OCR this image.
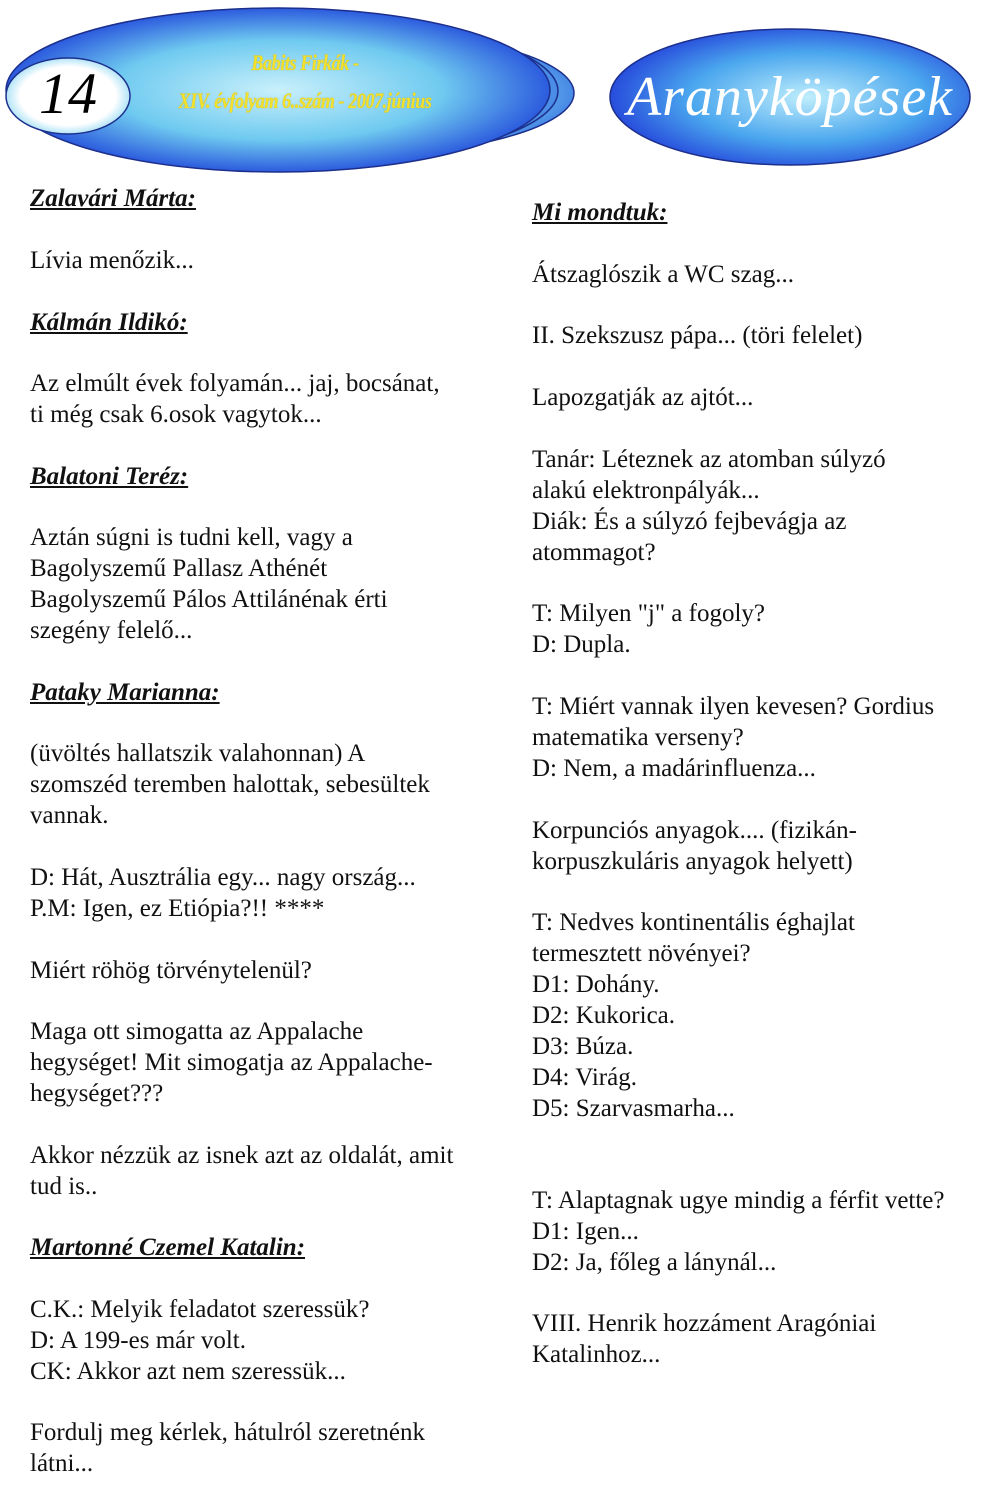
14	Babits Firkák -
XIV. évfolyam 6..szám - 2007.június	Aranyköpések

Zalavári Márta:

Lívia menőzik...

Kálmán Ildikó:

Az elmúlt évek folyamán... jaj, bocsánat,
ti még csak 6.osok vagytok...

Balatoni Teréz:

Aztán súgni is tudni kell, vagy a
Bagolyszemű Pallasz Athénét
Bagolyszemű Pálos Attilánénak érti
szegény felelő...

Pataky Marianna:

(üvöltés hallatszik valahonnan) A
szomszéd teremben halottak, sebesültek
vannak.

D: Hát, Ausztrália egy... nagy ország...
P.M: Igen, ez Etiópia?!! ****

Miért röhög törvénytelenül?

Maga ott simogatta az Appalache
hegységet! Mit simogatja az Appalache-
hegységet???

Akkor nézzük az isnek azt az oldalát, amit
tud is..

Martonné Czemel Katalin:

C.K.: Melyik feladatot szeressük?
D: A 199-es már volt.
CK: Akkor azt nem szeressük...

Fordulj meg kérlek, hátulról szeretnénk
látni...

Mi mondtuk:

Átszaglószik a WC szag...

II. Szekszusz pápa... (töri felelet)

Lapozgatják az ajtót...

Tanár: Léteznek az atomban súlyzó
alakú elektronpályák...
Diák: És a súlyzó fejbevágja az
atommagot?

T: Milyen "j" a fogoly?
D: Dupla.

T: Miért vannak ilyen kevesen? Gordius
matematika verseny?
D: Nem, a madárinfluenza...

Korpunciós anyagok.... (fizikán-
korpuszkuláris anyagok helyett)

T: Nedves kontinentális éghajlat
termesztett növényei?
D1: Dohány.
D2: Kukorica.
D3: Búza.
D4: Virág.
D5: Szarvasmarha...

T: Alaptagnak ugye mindig a férfit vette?
D1: Igen...
D2: Ja, főleg a lánynál...

VIII. Henrik hozzáment Aragóniai
Katalinhoz...
